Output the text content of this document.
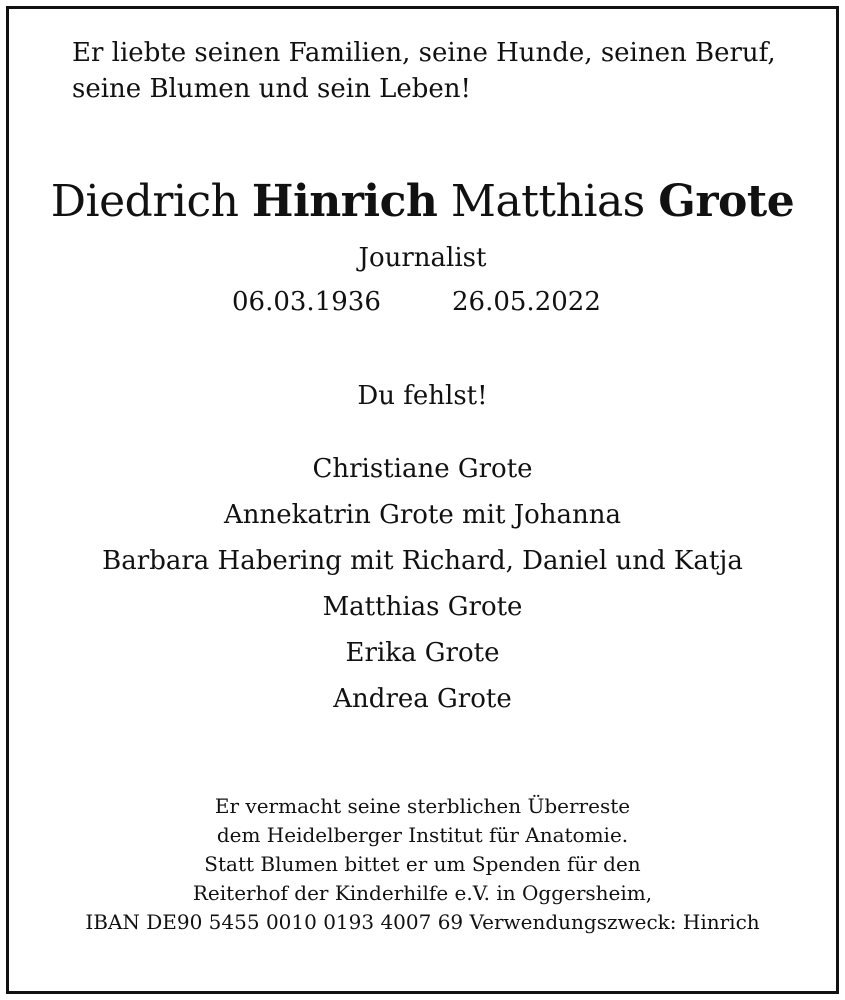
Er liebte seinen Familien, seine Hunde, seinen Beruf,
seine Blumen und sein Leben!
Diedrich Hinrich Matthias Grote
Journalist
06.03.1936	26.05.2022
Du fehlst!
Christiane Grote
Annekatrin Grote mit Johanna
Barbara Habering mit Richard, Daniel und Katja
Matthias Grote
Erika Grote
Andrea Grote
Er vermacht seine sterblichen Überreste
dem Heidelberger Institut für Anatomie.
Statt Blumen bittet er um Spenden für den
Reiterhof der Kinderhilfe e.V. in Oggersheim,
IBAN DE90 5455 0010 0193 4007 69 Verwendungszweck: Hinrich
